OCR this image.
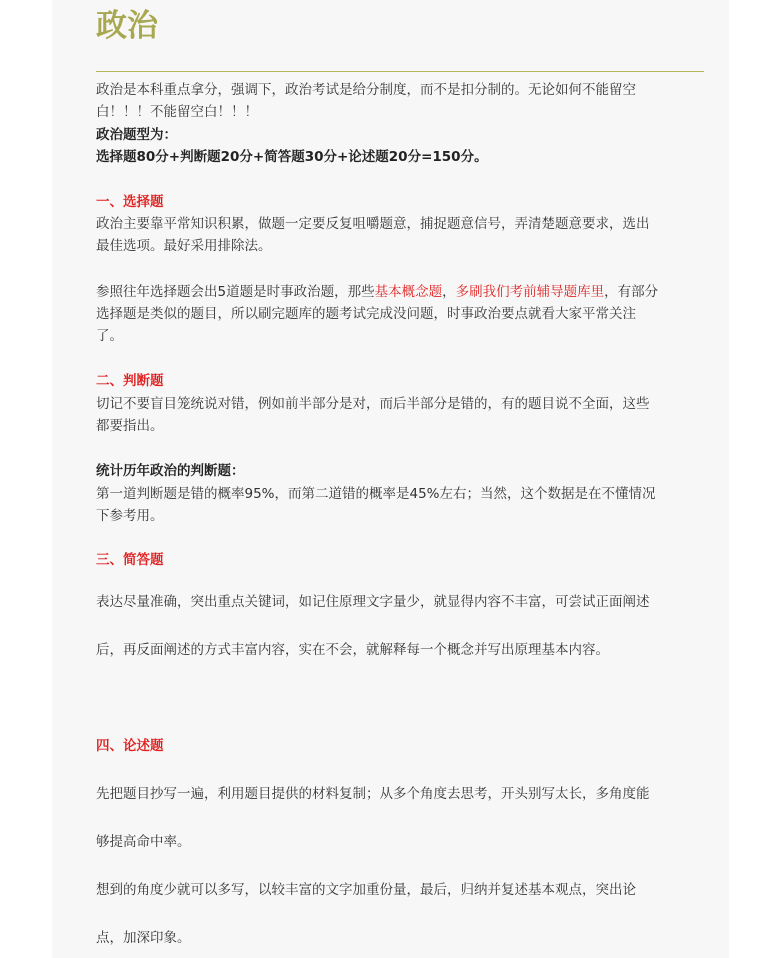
政治
政治是本科重点拿分，强调下，政治考试是给分制度，而不是扣分制的。无论如何不能留空
白！！！不能留空白！！！
政治题型为：
选择题80分+判断题20分+简答题30分+论述题20分=150分。
一、选择题
政治主要靠平常知识积累，做题一定要反复咀嚼题意，捕捉题意信号，弄清楚题意要求，选出
最佳选项。最好采用排除法。
参照往年选择题会出5道题是时事政治题，那些基本概念题，多刷我们考前辅导题库里，有部分
选择题是类似的题目，所以刷完题库的题考试完成没问题，时事政治要点就看大家平常关注
了。
二、判断题
切记不要盲目笼统说对错，例如前半部分是对，而后半部分是错的，有的题目说不全面，这些
都要指出。
统计历年政治的判断题：
第一道判断题是错的概率95%，而第二道错的概率是45%左右；当然，这个数据是在不懂情况
下参考用。
三、简答题
表达尽量准确，突出重点关键词，如记住原理文字量少，就显得内容不丰富，可尝试正面阐述
后，再反面阐述的方式丰富内容，实在不会，就解释每一个概念并写出原理基本内容。
四、论述题
先把题目抄写一遍，利用题目提供的材料复制；从多个角度去思考，开头别写太长，多角度能
够提高命中率。
想到的角度少就可以多写，以较丰富的文字加重份量，最后，归纳并复述基本观点，突出论
点，加深印象。
